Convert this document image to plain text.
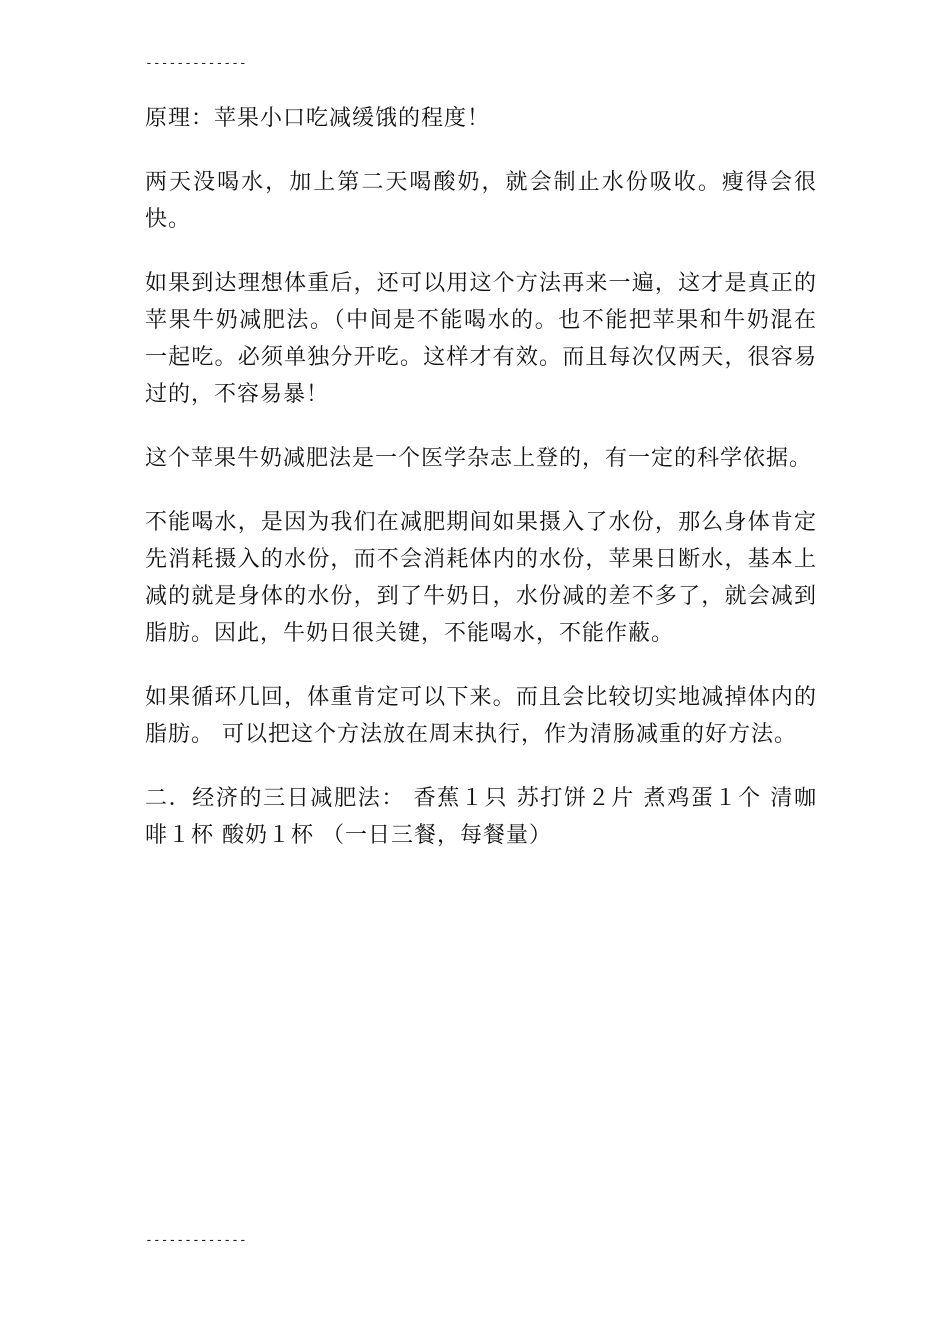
-------------

原理：苹果小口吃减缓饿的程度！

两天没喝水，加上第二天喝酸奶，就会制止水份吸收。瘦得会很快。

如果到达理想体重后，还可以用这个方法再来一遍，这才是真正的苹果牛奶减肥法。（中间是不能喝水的。也不能把苹果和牛奶混在一起吃。必须单独分开吃。这样才有效。而且每次仅两天，很容易过的，不容易暴！

这个苹果牛奶减肥法是一个医学杂志上登的，有一定的科学依据。

不能喝水，是因为我们在减肥期间如果摄入了水份，那么身体肯定先消耗摄入的水份，而不会消耗体内的水份，苹果日断水，基本上减的就是身体的水份，到了牛奶日，水份减的差不多了，就会减到脂肪。因此，牛奶日很关键，不能喝水，不能作蔽。

如果循环几回，体重肯定可以下来。而且会比较切实地减掉体内的脂肪。 可以把这个方法放在周末执行，作为清肠减重的好方法。

二．经济的三日减肥法： 香蕉１只 苏打饼２片 煮鸡蛋１个 清咖啡１杯 酸奶１杯 （一日三餐，每餐量）

-------------
